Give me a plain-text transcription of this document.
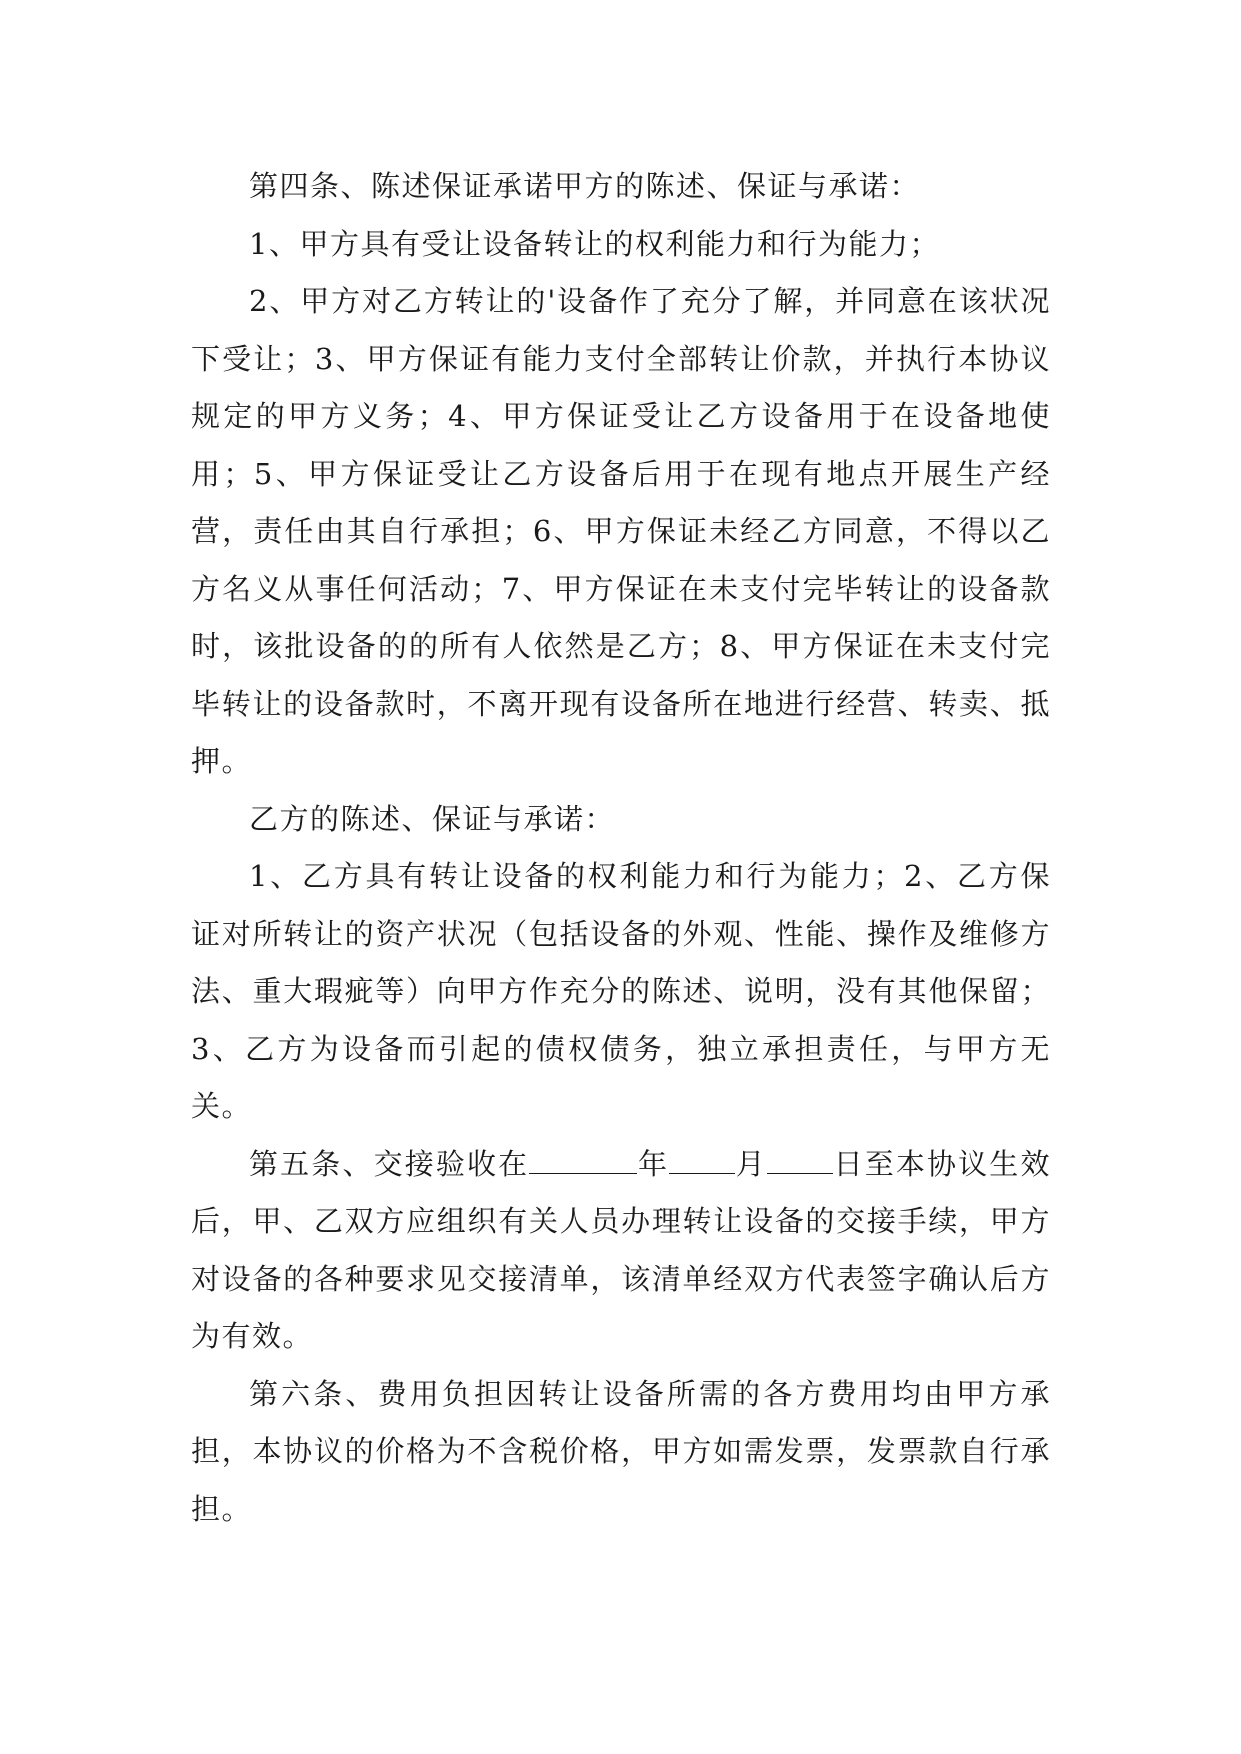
第四条、陈述保证承诺甲方的陈述、保证与承诺：

1、甲方具有受让设备转让的权利能力和行为能力；

2、甲方对乙方转让的'设备作了充分了解，并同意在该状况下受让；3、甲方保证有能力支付全部转让价款，并执行本协议规定的甲方义务；4、甲方保证受让乙方设备用于在设备地使用；5、甲方保证受让乙方设备后用于在现有地点开展生产经营，责任由其自行承担；6、甲方保证未经乙方同意，不得以乙方名义从事任何活动；7、甲方保证在未支付完毕转让的设备款时，该批设备的的所有人依然是乙方；8、甲方保证在未支付完毕转让的设备款时，不离开现有设备所在地进行经营、转卖、抵押。

乙方的陈述、保证与承诺：

1、乙方具有转让设备的权利能力和行为能力；2、乙方保证对所转让的资产状况（包括设备的外观、性能、操作及维修方法、重大瑕疵等）向甲方作充分的陈述、说明，没有其他保留；3、乙方为设备而引起的债权债务，独立承担责任，与甲方无关。

第五条、交接验收在	年 月 日至本协议生效后，甲、乙双方应组织有关人员办理转让设备的交接手续，甲方对设备的各种要求见交接清单，该清单经双方代表签字确认后方为有效。

第六条、费用负担因转让设备所需的各方费用均由甲方承担，本协议的价格为不含税价格，甲方如需发票，发票款自行承担。
